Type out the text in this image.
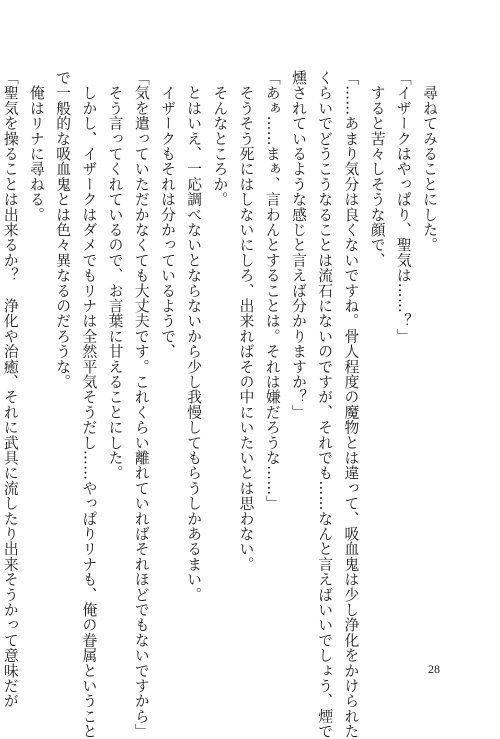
　尋ねてみることにした。
「イザークはやっぱり、聖気は……？」
　すると苦々しそうな顔で、
「……あまり気分は良くないですね。骨人程度の魔物とは違って、吸血鬼は少し浄化をかけられた
くらいでどうこうなることは流石にないのですが、それでも……なんと言えばいいでしょう、煙で
燻されているような感じと言えば分かりますか？」
「あぁ……まぁ、言わんとすることは。それは嫌だろうな……」
　そうそう死にはしないにしろ、出来ればその中にいたいとは思わない。
　そんなところか。
　とはいえ、一応調べないとならないから少し我慢してもらうしかあるまい。
　イザークもそれは分かっているようで、
「気を遣っていただかなくても大丈夫です。これくらい離れていればそれほどでもないですから」
　そう言ってくれているので、お言葉に甘えることにした。
　しかし、イザークはダメでもリナは全然平気そうだし……やっぱりリナも、俺の眷属ということ
で一般的な吸血鬼とは色々異なるのだろうな。
　俺はリナに尋ねる。
「聖気を操ることは出来るか？　浄化や治癒、それに武具に流したり出来そうかって意味だが	28
